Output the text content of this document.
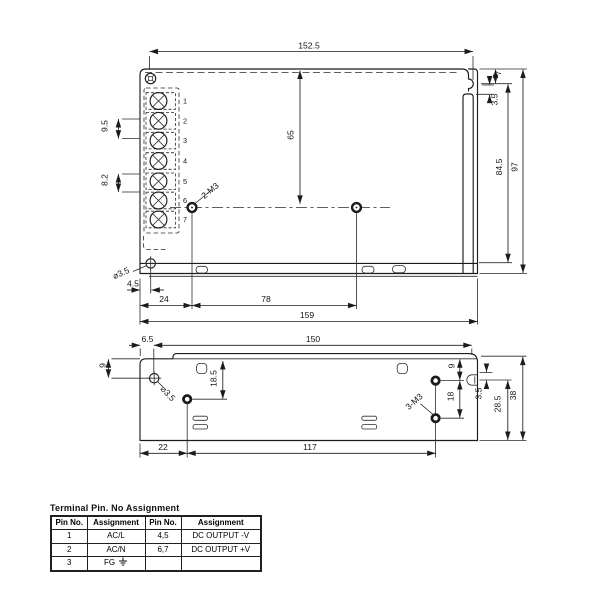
1
2
3
4
5
6
7
2-M3
⌀3.5
152.5
65
9.5
8.2
4.5
24	78
159
7
3.5
84.5 97
⌀3.5	3-M3
6.5	150
9
18.5
9
18 3.5
28.5
38
22	117
Terminal Pin. No Assignment
Pin No.	Assignment	Pin No.	Assignment
1	AC/L	4,5	DC OUTPUT -V
2	AC/N	6,7	DC OUTPUT +V
3	FG		
